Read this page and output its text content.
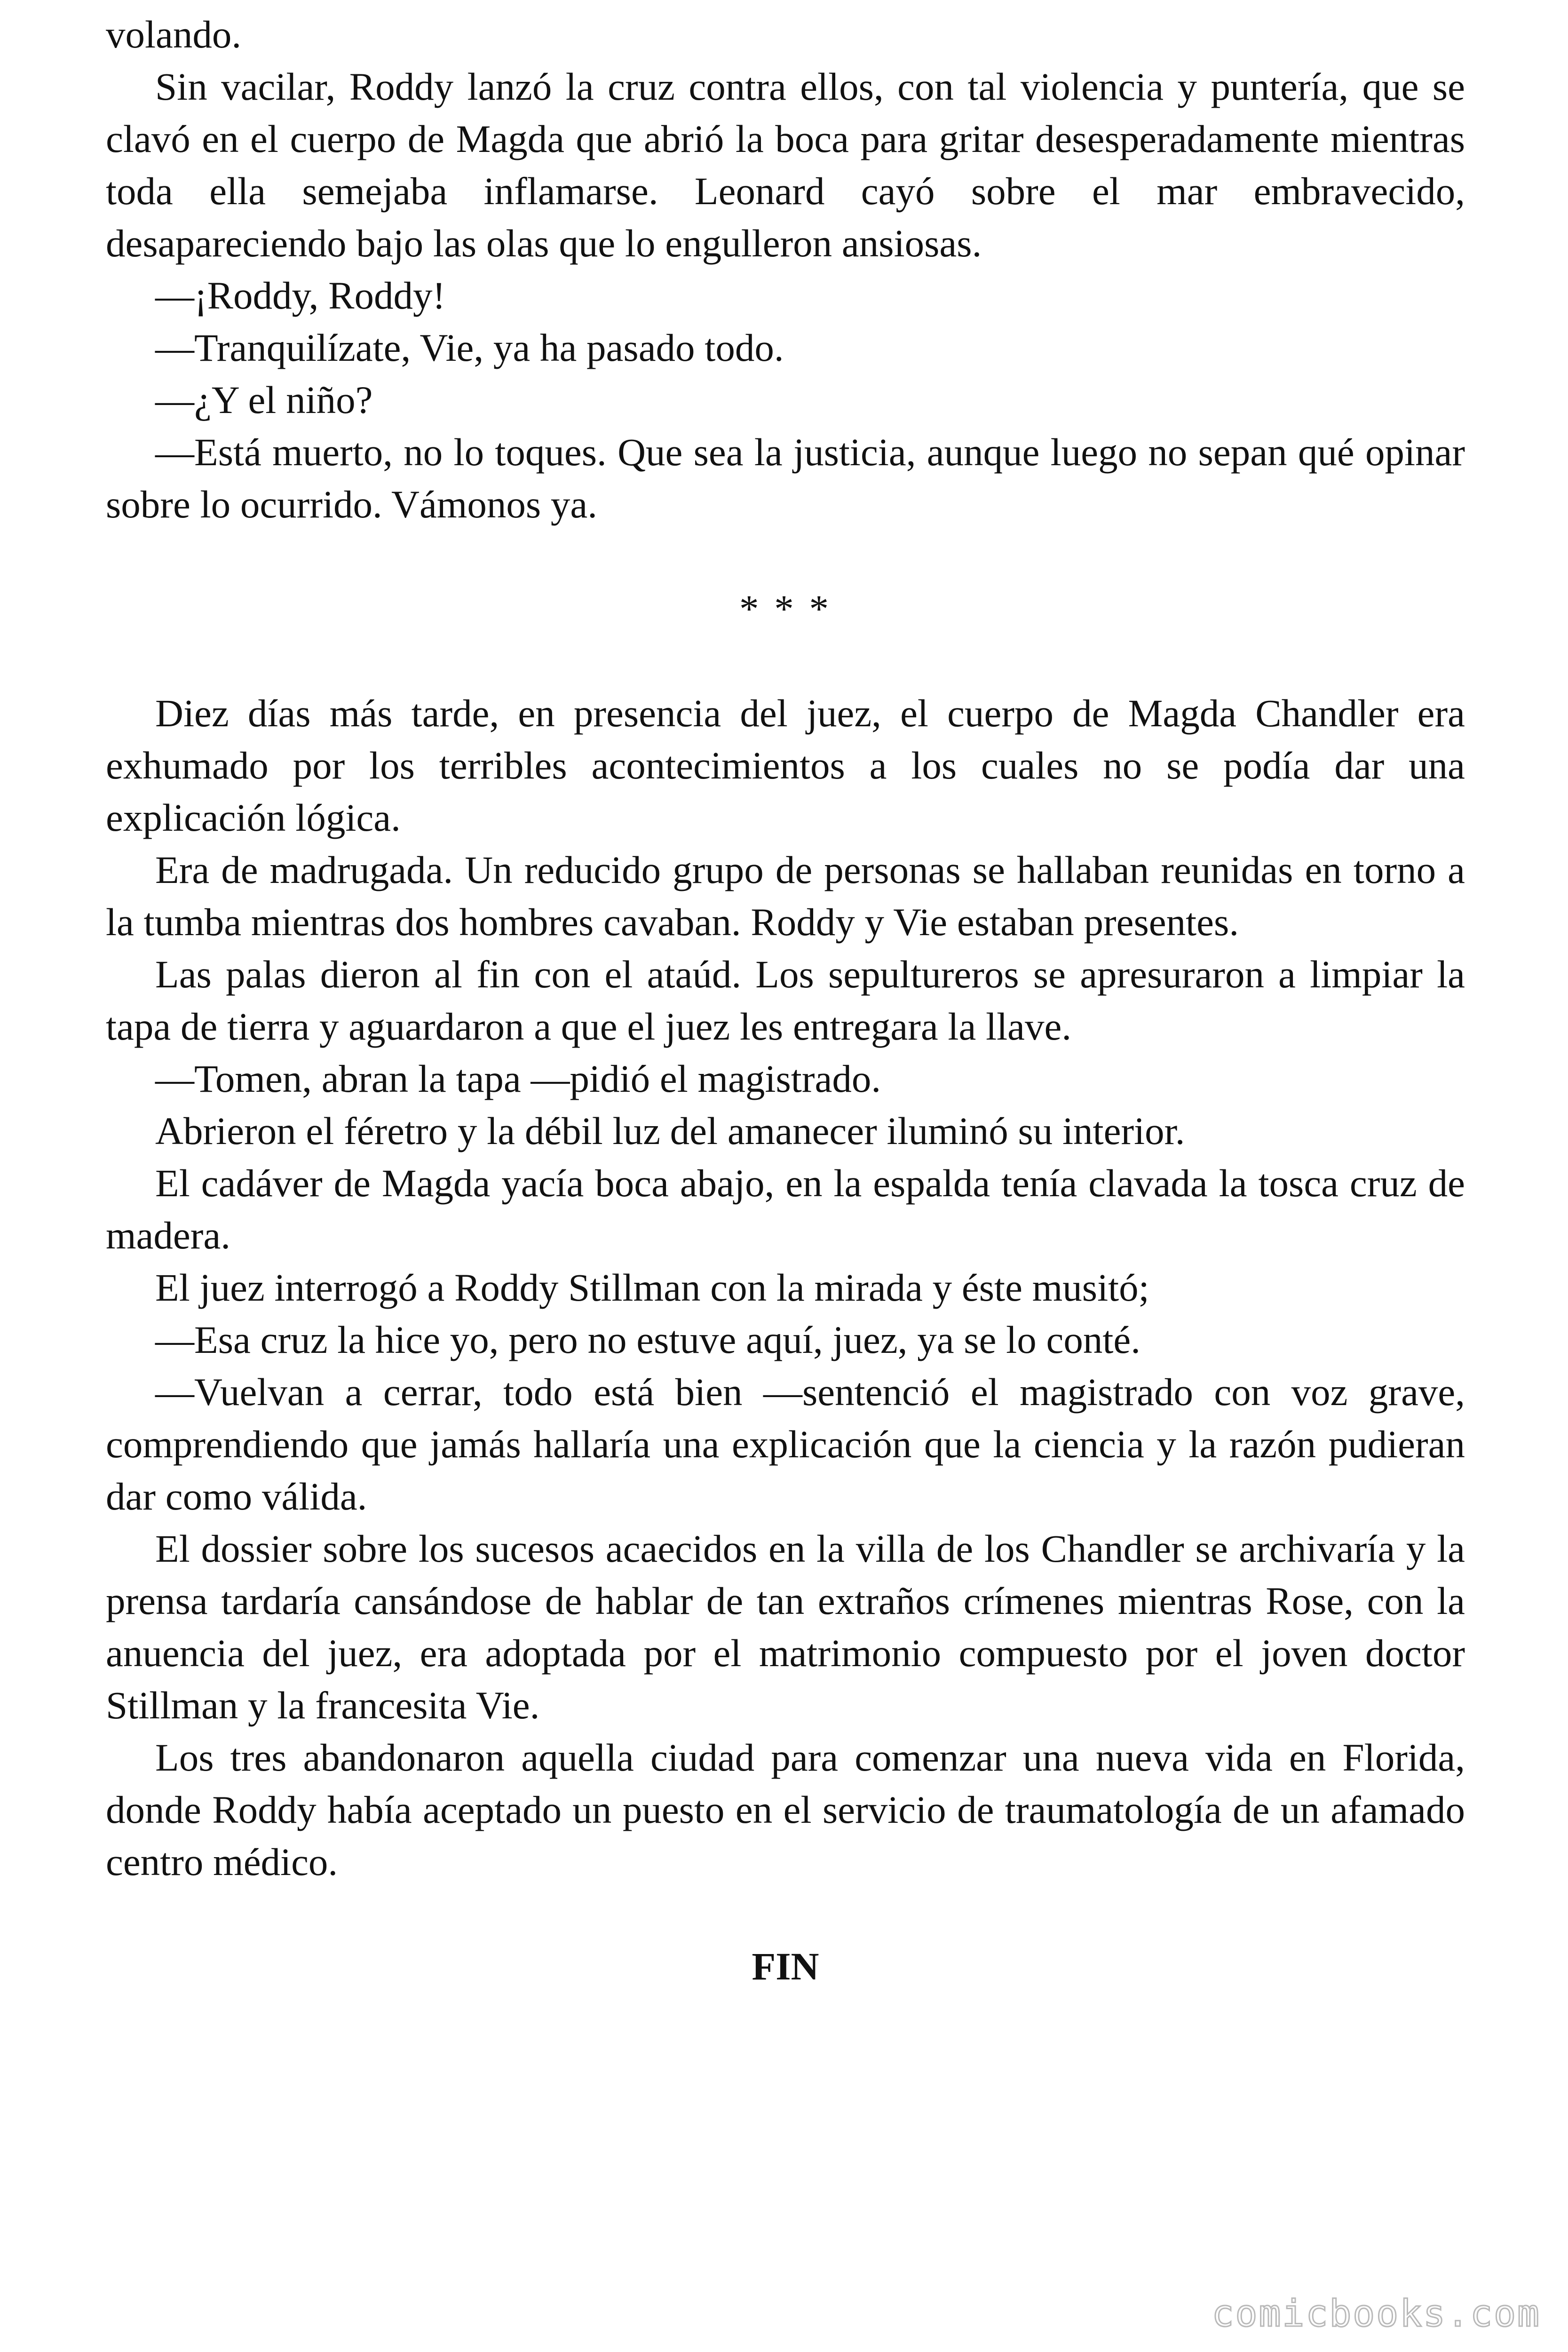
volando.

Sin vacilar, Roddy lanzó la cruz contra ellos, con tal violencia y puntería, que se clavó en el cuerpo de Magda que abrió la boca para gritar desesperadamente mientras toda ella semejaba inflamarse. Leonard cayó sobre el mar embravecido, desapareciendo bajo las olas que lo engulleron ansiosas.

—¡Roddy, Roddy!

—Tranquilízate, Vie, ya ha pasado todo.

—¿Y el niño?

—Está muerto, no lo toques. Que sea la justicia, aunque luego no sepan qué opinar sobre lo ocurrido. Vámonos ya.

* * *

Diez días más tarde, en presencia del juez, el cuerpo de Magda Chandler era exhumado por los terribles acontecimientos a los cuales no se podía dar una explicación lógica.

Era de madrugada. Un reducido grupo de personas se hallaban reunidas en torno a la tumba mientras dos hombres cavaban. Roddy y Vie estaban presentes.

Las palas dieron al fin con el ataúd. Los sepultureros se apresuraron a limpiar la tapa de tierra y aguardaron a que el juez les entregara la llave.

—Tomen, abran la tapa —pidió el magistrado.

Abrieron el féretro y la débil luz del amanecer iluminó su interior.

El cadáver de Magda yacía boca abajo, en la espalda tenía clavada la tosca cruz de madera.

El juez interrogó a Roddy Stillman con la mirada y éste musitó;

—Esa cruz la hice yo, pero no estuve aquí, juez, ya se lo conté.

—Vuelvan a cerrar, todo está bien —sentenció el magistrado con voz grave, comprendiendo que jamás hallaría una explicación que la ciencia y la razón pudieran dar como válida.

El dossier sobre los sucesos acaecidos en la villa de los Chandler se archivaría y la prensa tardaría cansándose de hablar de tan extraños crímenes mientras Rose, con la anuencia del juez, era adoptada por el matrimonio compuesto por el joven doctor Stillman y la francesita Vie.

Los tres abandonaron aquella ciudad para comenzar una nueva vida en Florida, donde Roddy había aceptado un puesto en el servicio de traumatología de un afamado centro médico.

FIN

comicbooks.com
